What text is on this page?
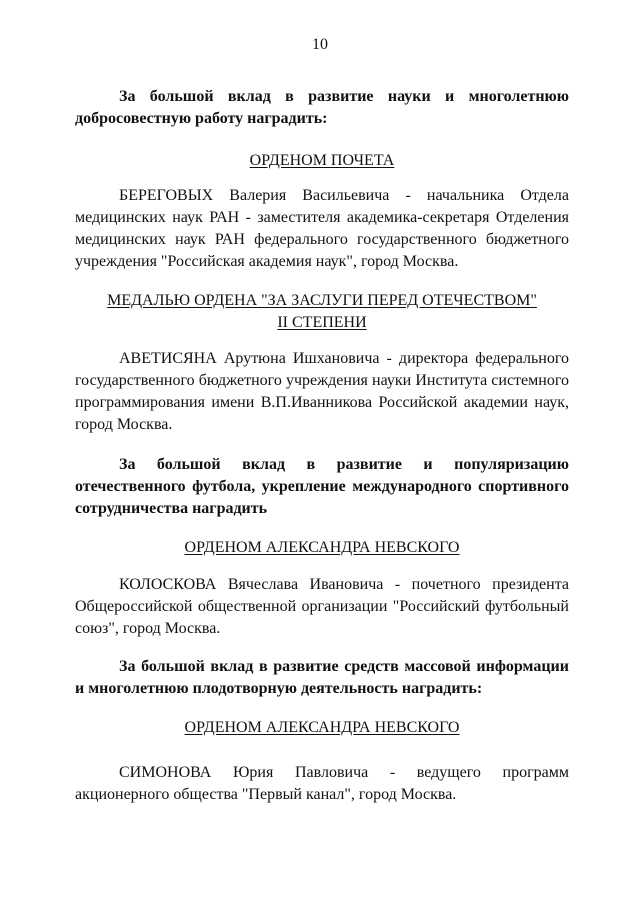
10

За большой вклад в развитие науки и многолетнюю добросовестную работу наградить:

ОРДЕНОМ ПОЧЕТА

БЕРЕГОВЫХ Валерия Васильевича - начальника Отдела медицинских наук РАН - заместителя академика-секретаря Отделения медицинских наук РАН федерального государственного бюджетного учреждения "Российская академия наук", город Москва.

МЕДАЛЬЮ ОРДЕНА "ЗА ЗАСЛУГИ ПЕРЕД ОТЕЧЕСТВОМ"

II СТЕПЕНИ

АВЕТИСЯНА Арутюна Ишхановича - директора федерального государственного бюджетного учреждения науки Института системного программирования имени В.П.Иванникова Российской академии наук, город Москва.

За большой вклад в развитие и популяризацию отечественного футбола, укрепление международного спортивного сотрудничества наградить

ОРДЕНОМ АЛЕКСАНДРА НЕВСКОГО

КОЛОСКОВА Вячеслава Ивановича - почетного президента Общероссийской общественной организации "Российский футбольный союз", город Москва.

За большой вклад в развитие средств массовой информации и многолетнюю плодотворную деятельность наградить:

ОРДЕНОМ АЛЕКСАНДРА НЕВСКОГО

СИМОНОВА Юрия Павловича - ведущего программ акционерного общества "Первый канал", город Москва.
